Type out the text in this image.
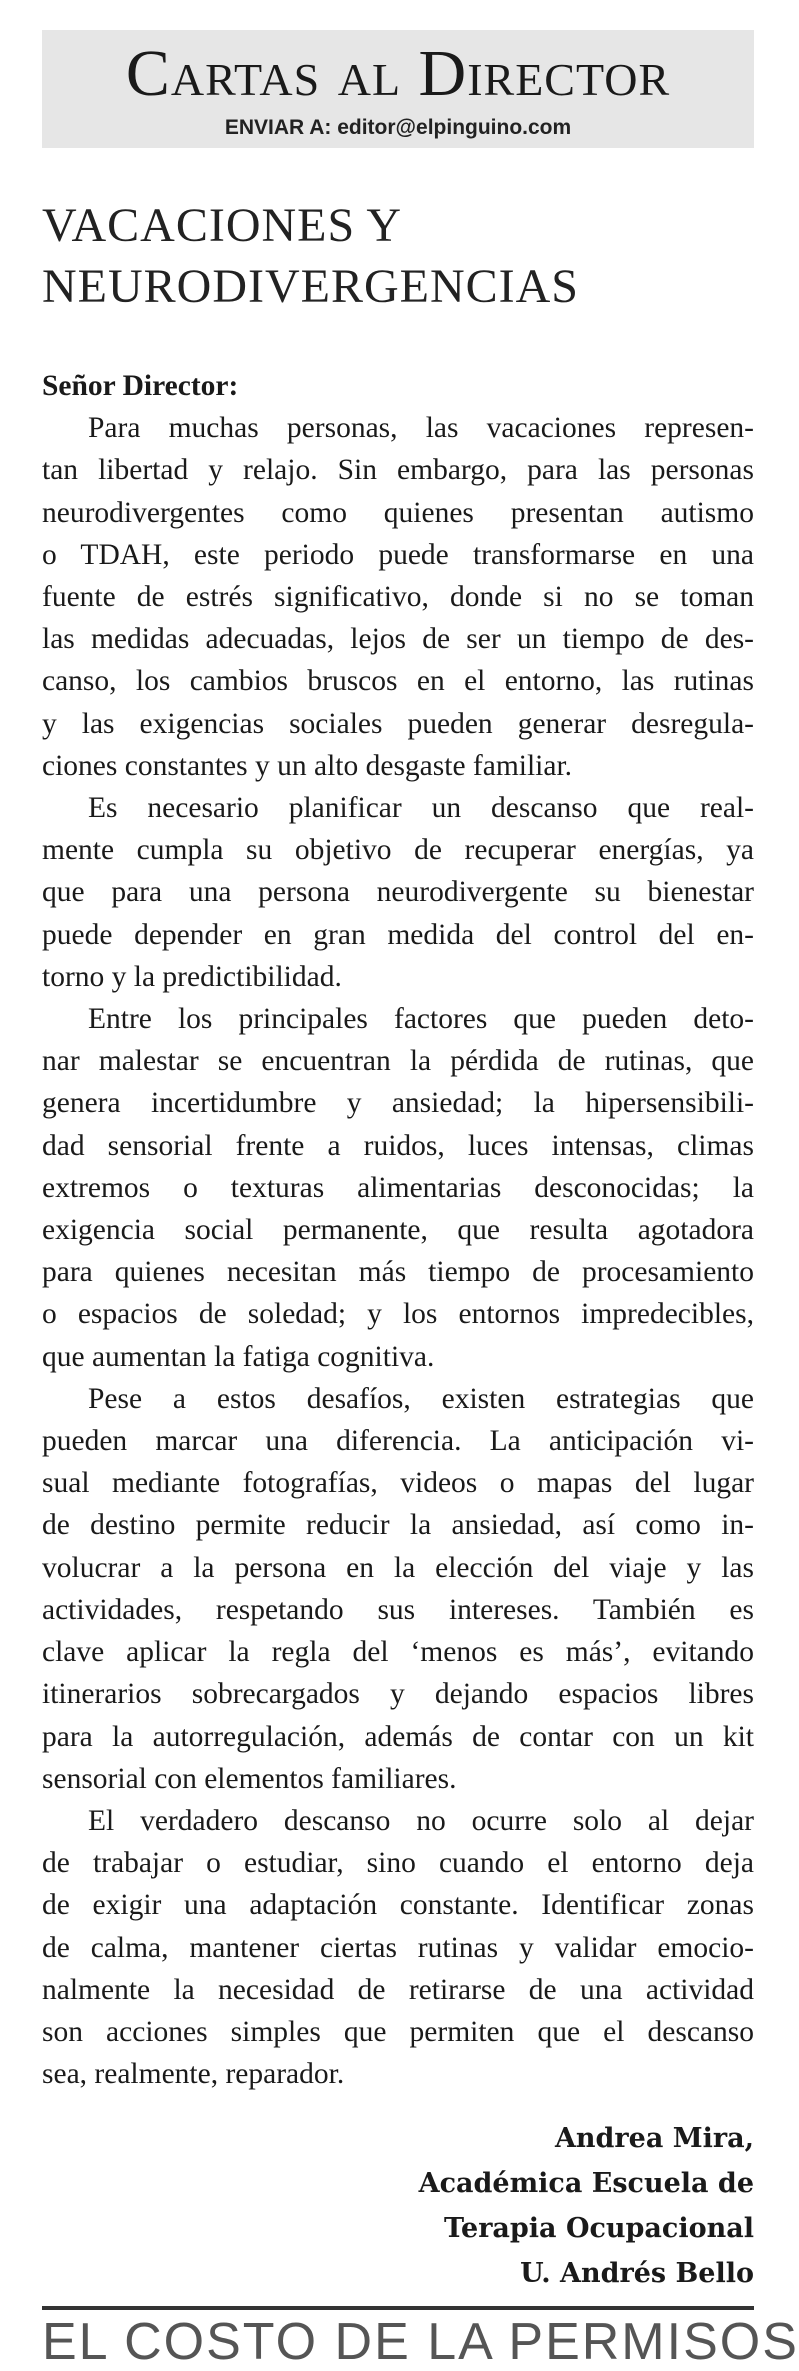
Cartas al Director
ENVIAR A: editor@elpinguino.com
VACACIONES Y
NEURODIVERGENCIAS

Señor Director:

Para muchas personas, las vacaciones represen-
tan libertad y relajo. Sin embargo, para las personas
neurodivergentes como quienes presentan autismo
o TDAH, este periodo puede transformarse en una
fuente de estrés significativo, donde si no se toman
las medidas adecuadas, lejos de ser un tiempo de des-
canso, los cambios bruscos en el entorno, las rutinas
y las exigencias sociales pueden generar desregula-
ciones constantes y un alto desgaste familiar.

Es necesario planificar un descanso que real-
mente cumpla su objetivo de recuperar energías, ya
que para una persona neurodivergente su bienestar
puede depender en gran medida del control del en-
torno y la predictibilidad.

Entre los principales factores que pueden deto-
nar malestar se encuentran la pérdida de rutinas, que
genera incertidumbre y ansiedad; la hipersensibili-
dad sensorial frente a ruidos, luces intensas, climas
extremos o texturas alimentarias desconocidas; la
exigencia social permanente, que resulta agotadora
para quienes necesitan más tiempo de procesamiento
o espacios de soledad; y los entornos impredecibles,
que aumentan la fatiga cognitiva.

Pese a estos desafíos, existen estrategias que
pueden marcar una diferencia. La anticipación vi-
sual mediante fotografías, videos o mapas del lugar
de destino permite reducir la ansiedad, así como in-
volucrar a la persona en la elección del viaje y las
actividades, respetando sus intereses. También es
clave aplicar la regla del ‘menos es más’, evitando
itinerarios sobrecargados y dejando espacios libres
para la autorregulación, además de contar con un kit
sensorial con elementos familiares.

El verdadero descanso no ocurre solo al dejar
de trabajar o estudiar, sino cuando el entorno deja
de exigir una adaptación constante. Identificar zonas
de calma, mantener ciertas rutinas y validar emocio-
nalmente la necesidad de retirarse de una actividad
son acciones simples que permiten que el descanso
sea, realmente, reparador.

Andrea Mira,
Académica Escuela de
Terapia Ocupacional
U. Andrés Bello
EL COSTO DE LA PERMISOS
